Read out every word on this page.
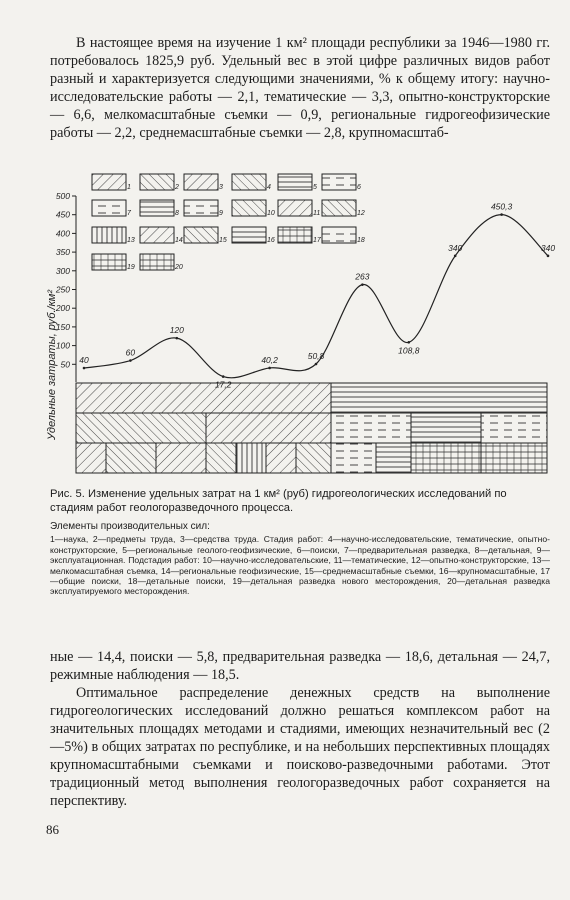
В настоящее время на изучение 1 км² площади республики за 1946—1980 гг. потребовалось 1825,9 руб. Удельный вес в этой цифре различных видов работ разный и характеризуется следующими значениями, % к общему итогу: научно-исследовательские работы — 2,1, тематические — 3,3, опытно-конструкторские — 6,6, мелкомасштабные съемки — 0,9, региональные гидрогеофизические работы — 2,2, среднемасштабные съемки — 2,8, крупномасштаб-

1	2	3	4	5	6
7	8	9	10	11	12
13	14	15	16	17	18
19	20
50
100
150
200
250
300
350
400
450
500
Удельные затраты, руб./км²	40
60
120
40,2	50,8
263
108,8
340
450,3
340

Рис. 5. Изменение удельных затрат на 1 км² (руб) гидрогеологических исследований по стадиям работ геологоразведочного процесса.

Элементы производительных сил:
1—наука, 2—предметы труда, 3—средства труда. Стадия работ: 4—научно-исследовательские, тематические, опытно-конструкторские, 5—региональные геолого-геофизические, 6—поиски, 7—предварительная разведка, 8—детальная, 9—эксплуатационная. Подстадия работ: 10—научно-исследовательские, 11—тематические, 12—опытно-конструкторские, 13—мелкомасштабная съемка, 14—региональные геофизические, 15—среднемасштабные съемки, 16—крупномасштабные, 17—общие поиски, 18—детальные поиски, 19—детальная разведка нового месторождения, 20—детальная разведка эксплуатируемого месторождения.

ные — 14,4, поиски — 5,8, предварительная разведка — 18,6, детальная — 24,7, режимные наблюдения — 18,5.

Оптимальное распределение денежных средств на выполнение гидрогеологических исследований должно решаться комплексом работ на значительных площадях методами и стадиями, имеющих незначительный вес (2—5%) в общих затратах по республике, и на небольших перспективных площадях крупномасштабными съемками и поисково-разведочными работами. Этот традиционный метод выполнения геологоразведочных работ сохраняется на перспективу.

86
